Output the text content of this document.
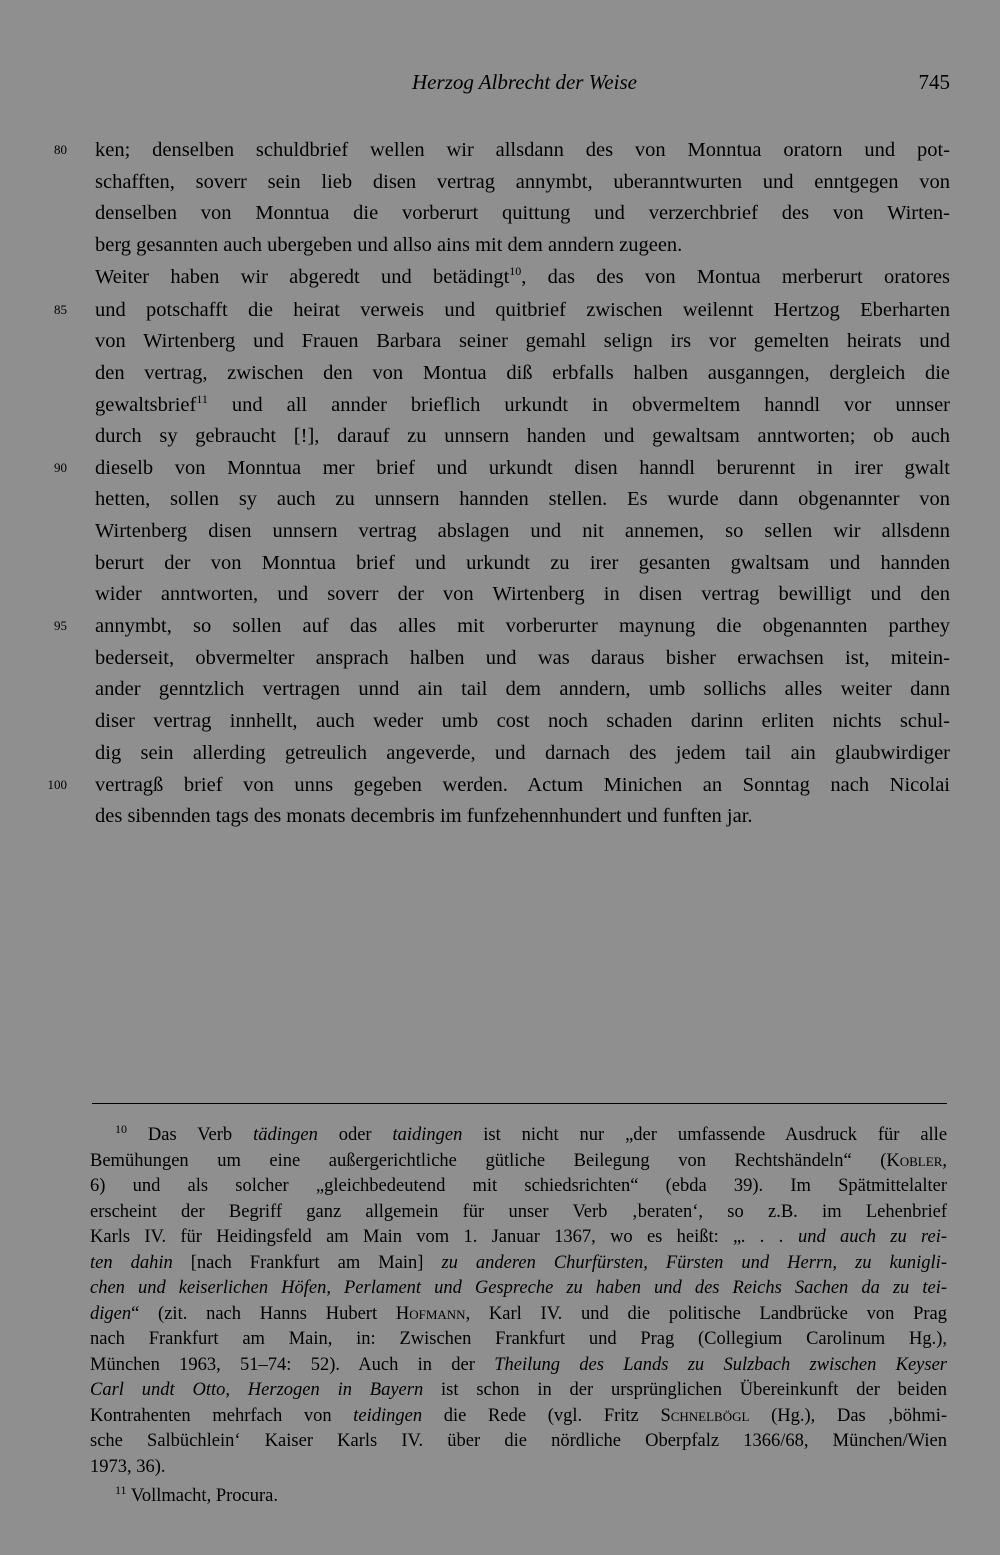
Herzog Albrecht der Weise	745
80
85
90
95
100
ken; denselben schuldbrief wellen wir allsdann des von Monntua oratorn und pot-
schafften, soverr sein lieb disen vertrag annymbt, uberanntwurten und enntgegen von
denselben von Monntua die vorberurt quittung und verzerchbrief des von Wirten-
berg gesannten auch ubergeben und allso ains mit dem anndern zugeen.
Weiter haben wir abgeredt und betädingt$^{10}$, das des von Montua merberurt oratores
und potschafft die heirat verweis und quitbrief zwischen weilennt Hertzog Eberharten
von Wirtenberg und Frauen Barbara seiner gemahl selign irs vor gemelten heirats und
den vertrag, zwischen den von Montua diß erbfalls halben ausganngen, dergleich die
gewaltsbrief$^{11}$ und all annder brieflich urkundt in obvermeltem hanndl vor unnser
durch sy gebraucht [!], darauf zu unnsern handen und gewaltsam anntworten; ob auch
dieselb von Monntua mer brief und urkundt disen hanndl berurennt in irer gwalt
hetten, sollen sy auch zu unnsern hannden stellen. Es wurde dann obgenannter von
Wirtenberg disen unnsern vertrag abslagen und nit annemen, so sellen wir allsdenn
berurt der von Monntua brief und urkundt zu irer gesanten gwaltsam und hannden
wider anntworten, und soverr der von Wirtenberg in disen vertrag bewilligt und den
annymbt, so sollen auf das alles mit vorberurter maynung die obgenannten parthey
bederseit, obvermelter ansprach halben und was daraus bisher erwachsen ist, mitein-
ander genntzlich vertragen unnd ain tail dem anndern, umb sollichs alles weiter dann
diser vertrag innhellt, auch weder umb cost noch schaden darinn erliten nichts schul-
dig sein allerding getreulich angeverde, und darnach des jedem tail ain glaubwirdiger
vertragß brief von unns gegeben werden. Actum Minichen an Sonntag nach Nicolai
des sibennden tags des monats decembris im funfzehennhundert und funften jar.
$^{10}$ Das Verb tädingen oder taidingen ist nicht nur „der umfassende Ausdruck für alle
Bemühungen um eine außergerichtliche gütliche Beilegung von Rechtshändeln“ (Kobler,
6) und als solcher „gleichbedeutend mit schiedsrichten“ (ebda 39). Im Spätmittelalter
erscheint der Begriff ganz allgemein für unser Verb ‚beraten‘, so z.B. im Lehenbrief
Karls IV. für Heidingsfeld am Main vom 1. Januar 1367, wo es heißt: „. . . und auch zu rei-
ten dahin [nach Frankfurt am Main] zu anderen Churfürsten, Fürsten und Herrn, zu kunigli-
chen und keiserlichen Höfen, Perlament und Gespreche zu haben und des Reichs Sachen da zu tei-
digen“ (zit. nach Hanns Hubert Hofmann, Karl IV. und die politische Landbrücke von Prag
nach Frankfurt am Main, in: Zwischen Frankfurt und Prag (Collegium Carolinum Hg.),
München 1963, 51–74: 52). Auch in der Theilung des Lands zu Sulzbach zwischen Keyser
Carl undt Otto, Herzogen in Bayern ist schon in der ursprünglichen Übereinkunft der beiden
Kontrahenten mehrfach von teidingen die Rede (vgl. Fritz Schnelbögl (Hg.), Das ‚böhmi-
sche Salbüchlein‘ Kaiser Karls IV. über die nördliche Oberpfalz 1366/68, München/Wien
1973, 36).
$^{11}$ Vollmacht, Procura.
